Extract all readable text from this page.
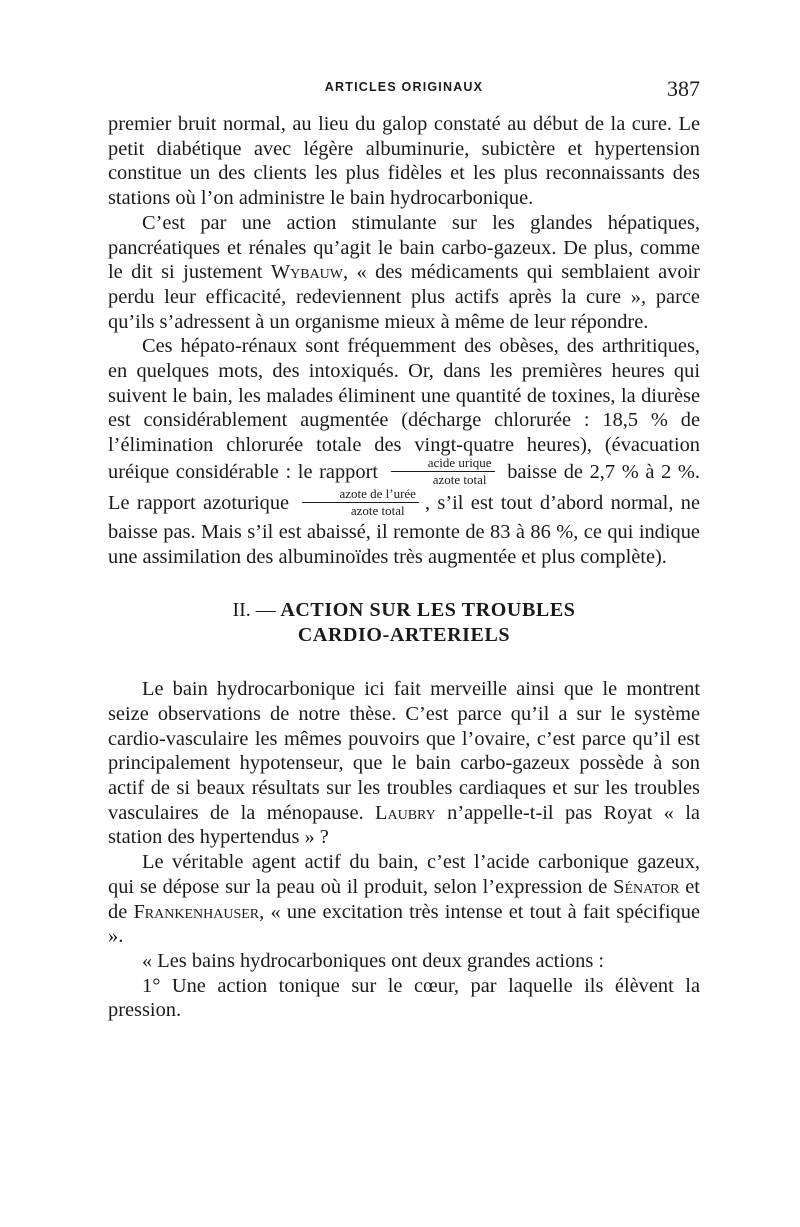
ARTICLES ORIGINAUX	387

premier bruit normal, au lieu du galop constaté au début de la cure. Le petit diabétique avec légère albuminurie, subictère et hypertension constitue un des clients les plus fidèles et les plus reconnaissants des stations où l’on administre le bain hydrocarbonique.

C’est par une action stimulante sur les glandes hépatiques, pancréatiques et rénales qu’agit le bain carbo-gazeux. De plus, comme le dit si justement Wybauw, « des médicaments qui semblaient avoir perdu leur efficacité, redeviennent plus actifs après la cure », parce qu’ils s’adressent à un organisme mieux à même de leur répondre.

Ces hépato-rénaux sont fréquemment des obèses, des arthritiques, en quelques mots, des intoxiqués. Or, dans les premières heures qui suivent le bain, les malades éliminent une quantité de toxines, la diurèse est considérablement augmentée (décharge chlorurée : 18,5 % de l’élimination chlorurée totale des vingt-quatre heures), (évacuation uréique considérable : le rapport $\frac{\text{acide urique}}{\text{azote total}}$ baisse de 2,7 % à 2 %. Le rapport azoturique $\frac{\text{azote de l’urée}}{\text{azote total}}$ , s’il est tout d’abord normal, ne baisse pas. Mais s’il est abaissé, il remonte de 83 à 86 %, ce qui indique une assimilation des albuminoïdes très augmentée et plus complète).

II. — ACTION SUR LES TROUBLES
CARDIO-ARTERIELS

Le bain hydrocarbonique ici fait merveille ainsi que le montrent seize observations de notre thèse. C’est parce qu’il a sur le système cardio-vasculaire les mêmes pouvoirs que l’ovaire, c’est parce qu’il est principalement hypotenseur, que le bain carbo-gazeux possède à son actif de si beaux résultats sur les troubles cardiaques et sur les troubles vasculaires de la ménopause. Laubry n’appelle-t-il pas Royat « la station des hypertendus » ?

Le véritable agent actif du bain, c’est l’acide carbonique gazeux, qui se dépose sur la peau où il produit, selon l’expression de Sénator et de Frankenhauser, « une excitation très intense et tout à fait spécifique ».

« Les bains hydrocarboniques ont deux grandes actions :

1° Une action tonique sur le cœur, par laquelle ils élèvent la pression.
